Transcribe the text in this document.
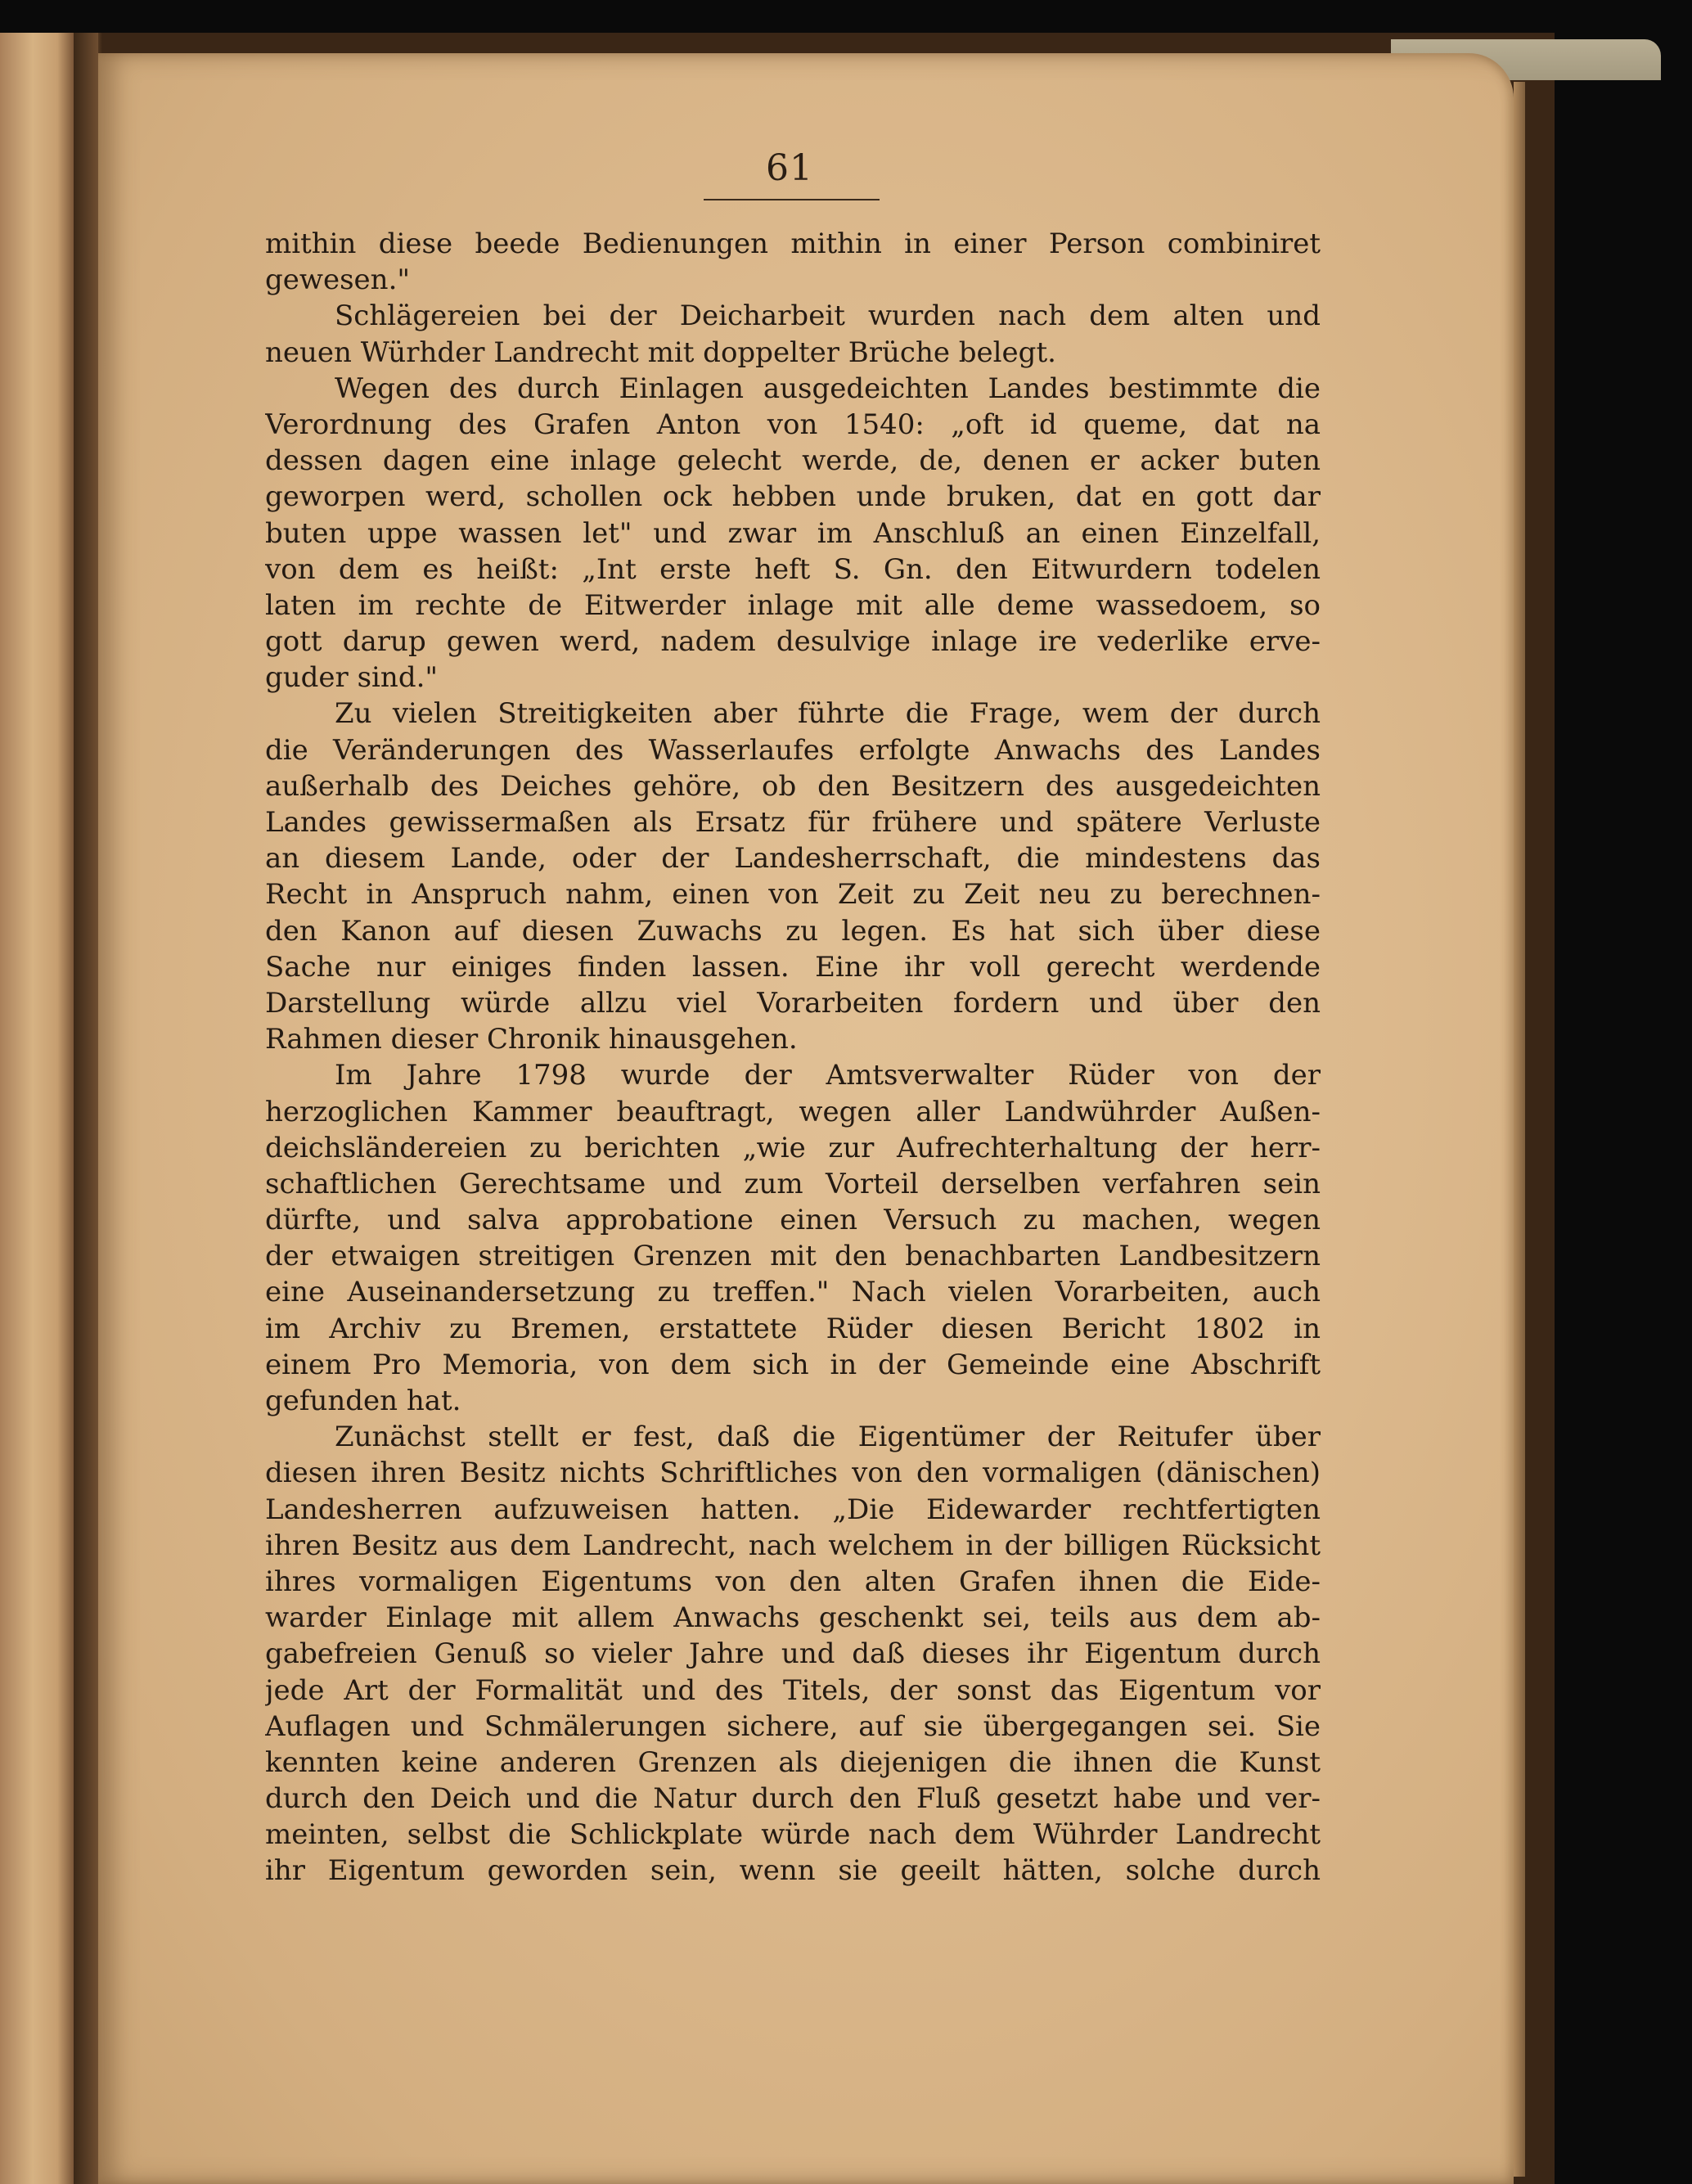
61
mithin diese beede Bedienungen mithin in einer Person combiniret
gewesen."
Schlägereien bei der Deicharbeit wurden nach dem alten und
neuen Würhder Landrecht mit doppelter Brüche belegt.
Wegen des durch Einlagen ausgedeichten Landes bestimmte die
Verordnung des Grafen Anton von 1540: „oft id queme, dat na
dessen dagen eine inlage gelecht werde, de, denen er acker buten
geworpen werd, schollen ock hebben unde bruken, dat en gott dar
buten uppe wassen let" und zwar im Anschluß an einen Einzelfall,
von dem es heißt: „Int erste heft S. Gn. den Eitwurdern todelen
laten im rechte de Eitwerder inlage mit alle deme wassedoem, so
gott darup gewen werd, nadem desulvige inlage ire vederlike erve-
guder sind."
Zu vielen Streitigkeiten aber führte die Frage, wem der durch
die Veränderungen des Wasserlaufes erfolgte Anwachs des Landes
außerhalb des Deiches gehöre, ob den Besitzern des ausgedeichten
Landes gewissermaßen als Ersatz für frühere und spätere Verluste
an diesem Lande, oder der Landesherrschaft, die mindestens das
Recht in Anspruch nahm, einen von Zeit zu Zeit neu zu berechnen-
den Kanon auf diesen Zuwachs zu legen. Es hat sich über diese
Sache nur einiges finden lassen. Eine ihr voll gerecht werdende
Darstellung würde allzu viel Vorarbeiten fordern und über den
Rahmen dieser Chronik hinausgehen.
Im Jahre 1798 wurde der Amtsverwalter Rüder von der
herzoglichen Kammer beauftragt, wegen aller Landwührder Außen-
deichsländereien zu berichten „wie zur Aufrechterhaltung der herr-
schaftlichen Gerechtsame und zum Vorteil derselben verfahren sein
dürfte, und salva approbatione einen Versuch zu machen, wegen
der etwaigen streitigen Grenzen mit den benachbarten Landbesitzern
eine Auseinandersetzung zu treffen." Nach vielen Vorarbeiten, auch
im Archiv zu Bremen, erstattete Rüder diesen Bericht 1802 in
einem Pro Memoria, von dem sich in der Gemeinde eine Abschrift
gefunden hat.
Zunächst stellt er fest, daß die Eigentümer der Reitufer über
diesen ihren Besitz nichts Schriftliches von den vormaligen (dänischen)
Landesherren aufzuweisen hatten. „Die Eidewarder rechtfertigten
ihren Besitz aus dem Landrecht, nach welchem in der billigen Rücksicht
ihres vormaligen Eigentums von den alten Grafen ihnen die Eide-
warder Einlage mit allem Anwachs geschenkt sei, teils aus dem ab-
gabefreien Genuß so vieler Jahre und daß dieses ihr Eigentum durch
jede Art der Formalität und des Titels, der sonst das Eigentum vor
Auflagen und Schmälerungen sichere, auf sie übergegangen sei. Sie
kennten keine anderen Grenzen als diejenigen die ihnen die Kunst
durch den Deich und die Natur durch den Fluß gesetzt habe und ver-
meinten, selbst die Schlickplate würde nach dem Wührder Landrecht
ihr Eigentum geworden sein, wenn sie geeilt hätten, solche durch
